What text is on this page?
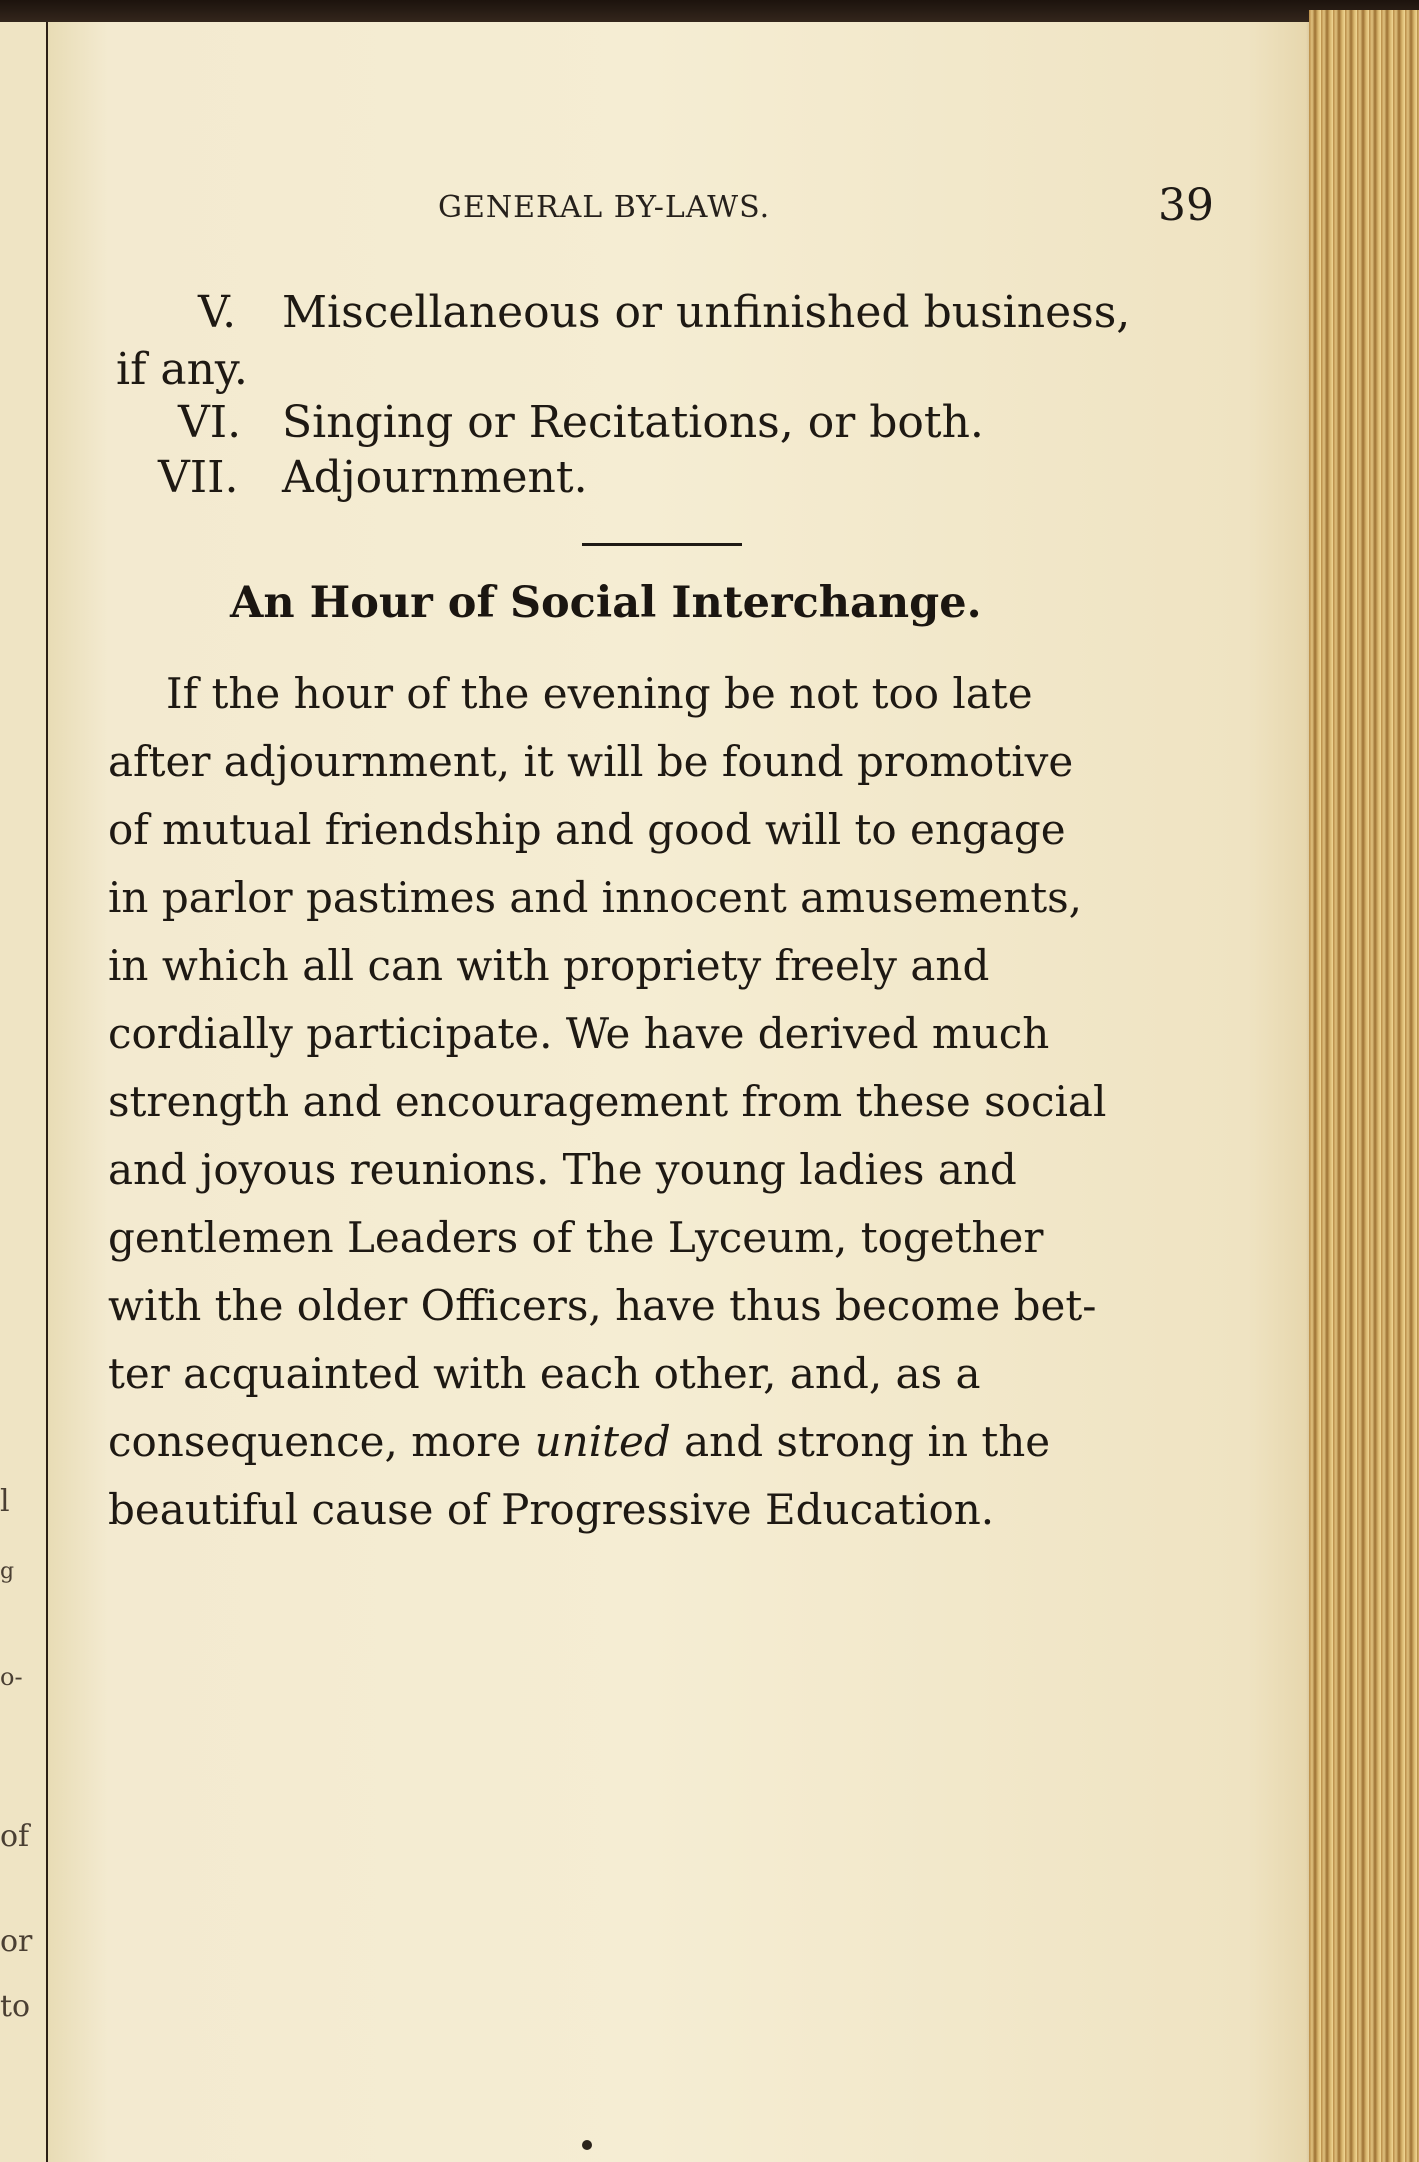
l
g
o-
of
or
to
GENERAL BY-LAWS.	39
V. Miscellaneous or unfinished business,
if any.
VI. Singing or Recitations, or both.
VII. Adjournment.
An Hour of Social Interchange.
If the hour of the evening be not too late
after adjournment, it will be found promotive
of mutual friendship and good will to engage
in parlor pastimes and innocent amusements,
in which all can with propriety freely and
cordially participate. We have derived much
strength and encouragement from these social
and joyous reunions. The young ladies and
gentlemen Leaders of the Lyceum, together
with the older Officers, have thus become bet-
ter acquainted with each other, and, as a
consequence, more united and strong in the
beautiful cause of Progressive Education.
